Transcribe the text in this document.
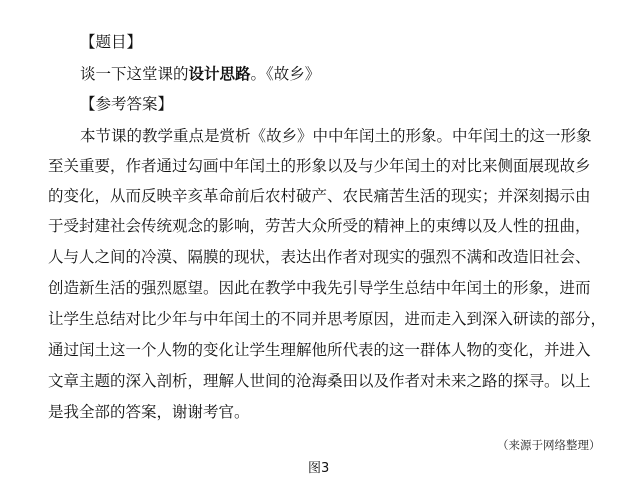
【题目】
谈一下这堂课的设计思路。《故乡》
【参考答案】
本节课的教学重点是赏析《故乡》中中年闰土的形象。中年闰土的这一形象
至关重要，作者通过勾画中年闰土的形象以及与少年闰土的对比来侧面展现故乡
的变化，从而反映辛亥革命前后农村破产、农民痛苦生活的现实；并深刻揭示由
于受封建社会传统观念的影响，劳苦大众所受的精神上的束缚以及人性的扭曲，
人与人之间的冷漠、隔膜的现状，表达出作者对现实的强烈不满和改造旧社会、
创造新生活的强烈愿望。因此在教学中我先引导学生总结中年闰土的形象，进而
让学生总结对比少年与中年闰土的不同并思考原因，进而走入到深入研读的部分，
通过闰土这一个人物的变化让学生理解他所代表的这一群体人物的变化，并进入
文章主题的深入剖析，理解人世间的沧海桑田以及作者对未来之路的探寻。以上
是我全部的答案，谢谢考官。
（来源于网络整理）
图3
